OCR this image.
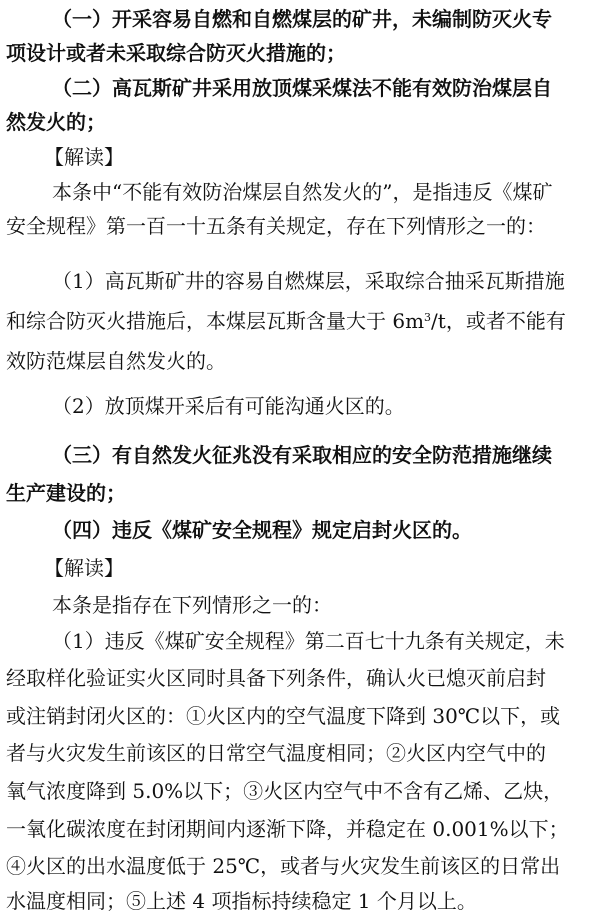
（一）开采容易自燃和自燃煤层的矿井，未编制防灭火专
项设计或者未采取综合防灭火措施的；
（二）高瓦斯矿井采用放顶煤采煤法不能有效防治煤层自
然发火的；
【解读】
本条中“不能有效防治煤层自然发火的”，是指违反《煤矿
安全规程》第一百一十五条有关规定，存在下列情形之一的：
（1）高瓦斯矿井的容易自燃煤层，采取综合抽采瓦斯措施
和综合防灭火措施后，本煤层瓦斯含量大于 $6m^3/t$，或者不能有
效防范煤层自然发火的。
（2）放顶煤开采后有可能沟通火区的。
（三）有自然发火征兆没有采取相应的安全防范措施继续
生产建设的；
（四）违反《煤矿安全规程》规定启封火区的。
【解读】
本条是指存在下列情形之一的：
（1）违反《煤矿安全规程》第二百七十九条有关规定，未
经取样化验证实火区同时具备下列条件，确认火已熄灭前启封
或注销封闭火区的：①火区内的空气温度下降到 30℃以下，或
者与火灾发生前该区的日常空气温度相同；②火区内空气中的
氧气浓度降到 5.0%以下；③火区内空气中不含有乙烯、乙炔，
一氧化碳浓度在封闭期间内逐渐下降，并稳定在 0.001%以下；
④火区的出水温度低于 25℃，或者与火灾发生前该区的日常出
水温度相同；⑤上述 4 项指标持续稳定 1 个月以上。
